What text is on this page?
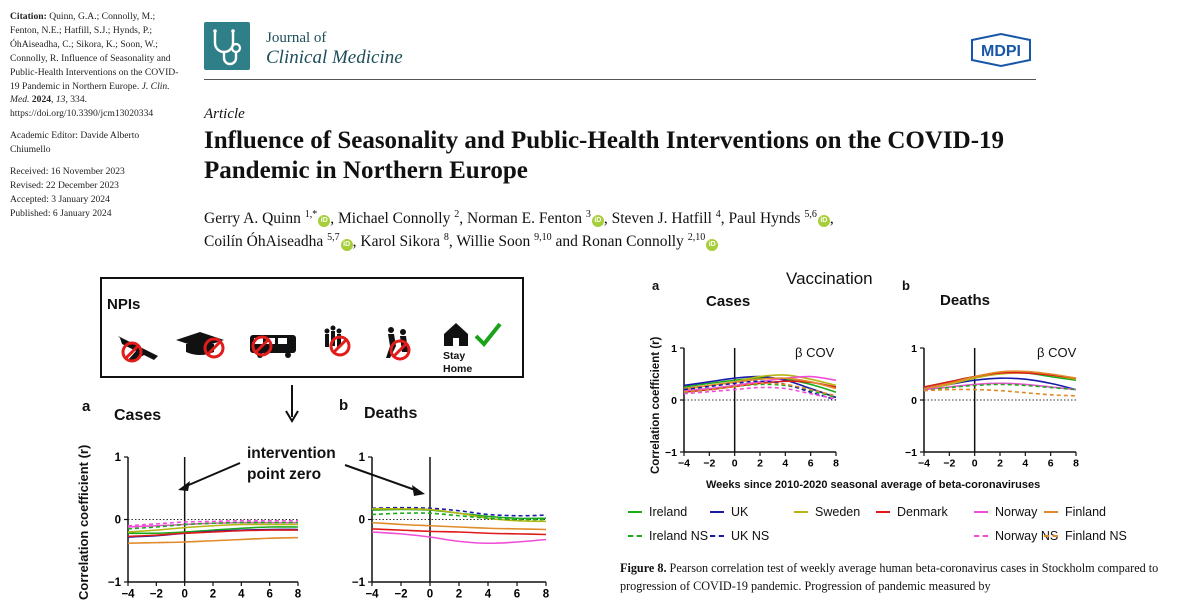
Citation: Quinn, G.A.; Connolly, M.; Fenton, N.E.; Hatfill, S.J.; Hynds, P.; ÓhAiseadha, C.; Sikora, K.; Soon, W.; Connolly, R. Influence of Seasonality and Public-Health Interventions on the COVID-19 Pandemic in Northern Europe. J. Clin. Med. 2024, 13, 334. https://doi.org/10.3390/jcm13020334

Academic Editor: Davide Alberto Chiumello

Received: 16 November 2023
Revised: 22 December 2023
Accepted: 3 January 2024
Published: 6 January 2024
Journal of
Clinical Medicine	MDPI
Article
Influence of Seasonality and Public-Health Interventions on the COVID-19 Pandemic in Northern Europe
Gerry A. Quinn $^{1,*}$iD , Michael Connolly $^2$, Norman E. Fenton $^3$iD , Steven J. Hatfill $^4$, Paul Hynds $^{5,6}$iD ,
Coilín ÓhAiseadha $^{5,7}$iD , Karol Sikora $^8$, Willie Soon $^{9,10}$ and Ronan Connolly $^{2,10}$iD
NPIs
Stay Home
a
Cases
b Deaths
intervention
point zero
Correlation coefficient (r) 1
0
−1
−4 −2 0 2 4 6 8
1
0
−1
−4 −2 0 2 4 6 8
Vaccination
a
Cases
b
Deaths
β COV	β COV
Correlation coefficient (r)
Weeks since 2010-2020 seasonal average of beta-coronaviruses
1
0
−1
−4 −2 0 2 4 6 8
1
0
−1
−4 −2 0 2 4 6 8
Ireland	UK	Sweden	Denmark	Norway Finland
Ireland NS UK NS	Norway NS Finland NS
Figure 8. Pearson correlation test of weekly average human beta-coronavirus cases in Stockholm compared to progression of COVID-19 pandemic. Progression of pandemic measured by
